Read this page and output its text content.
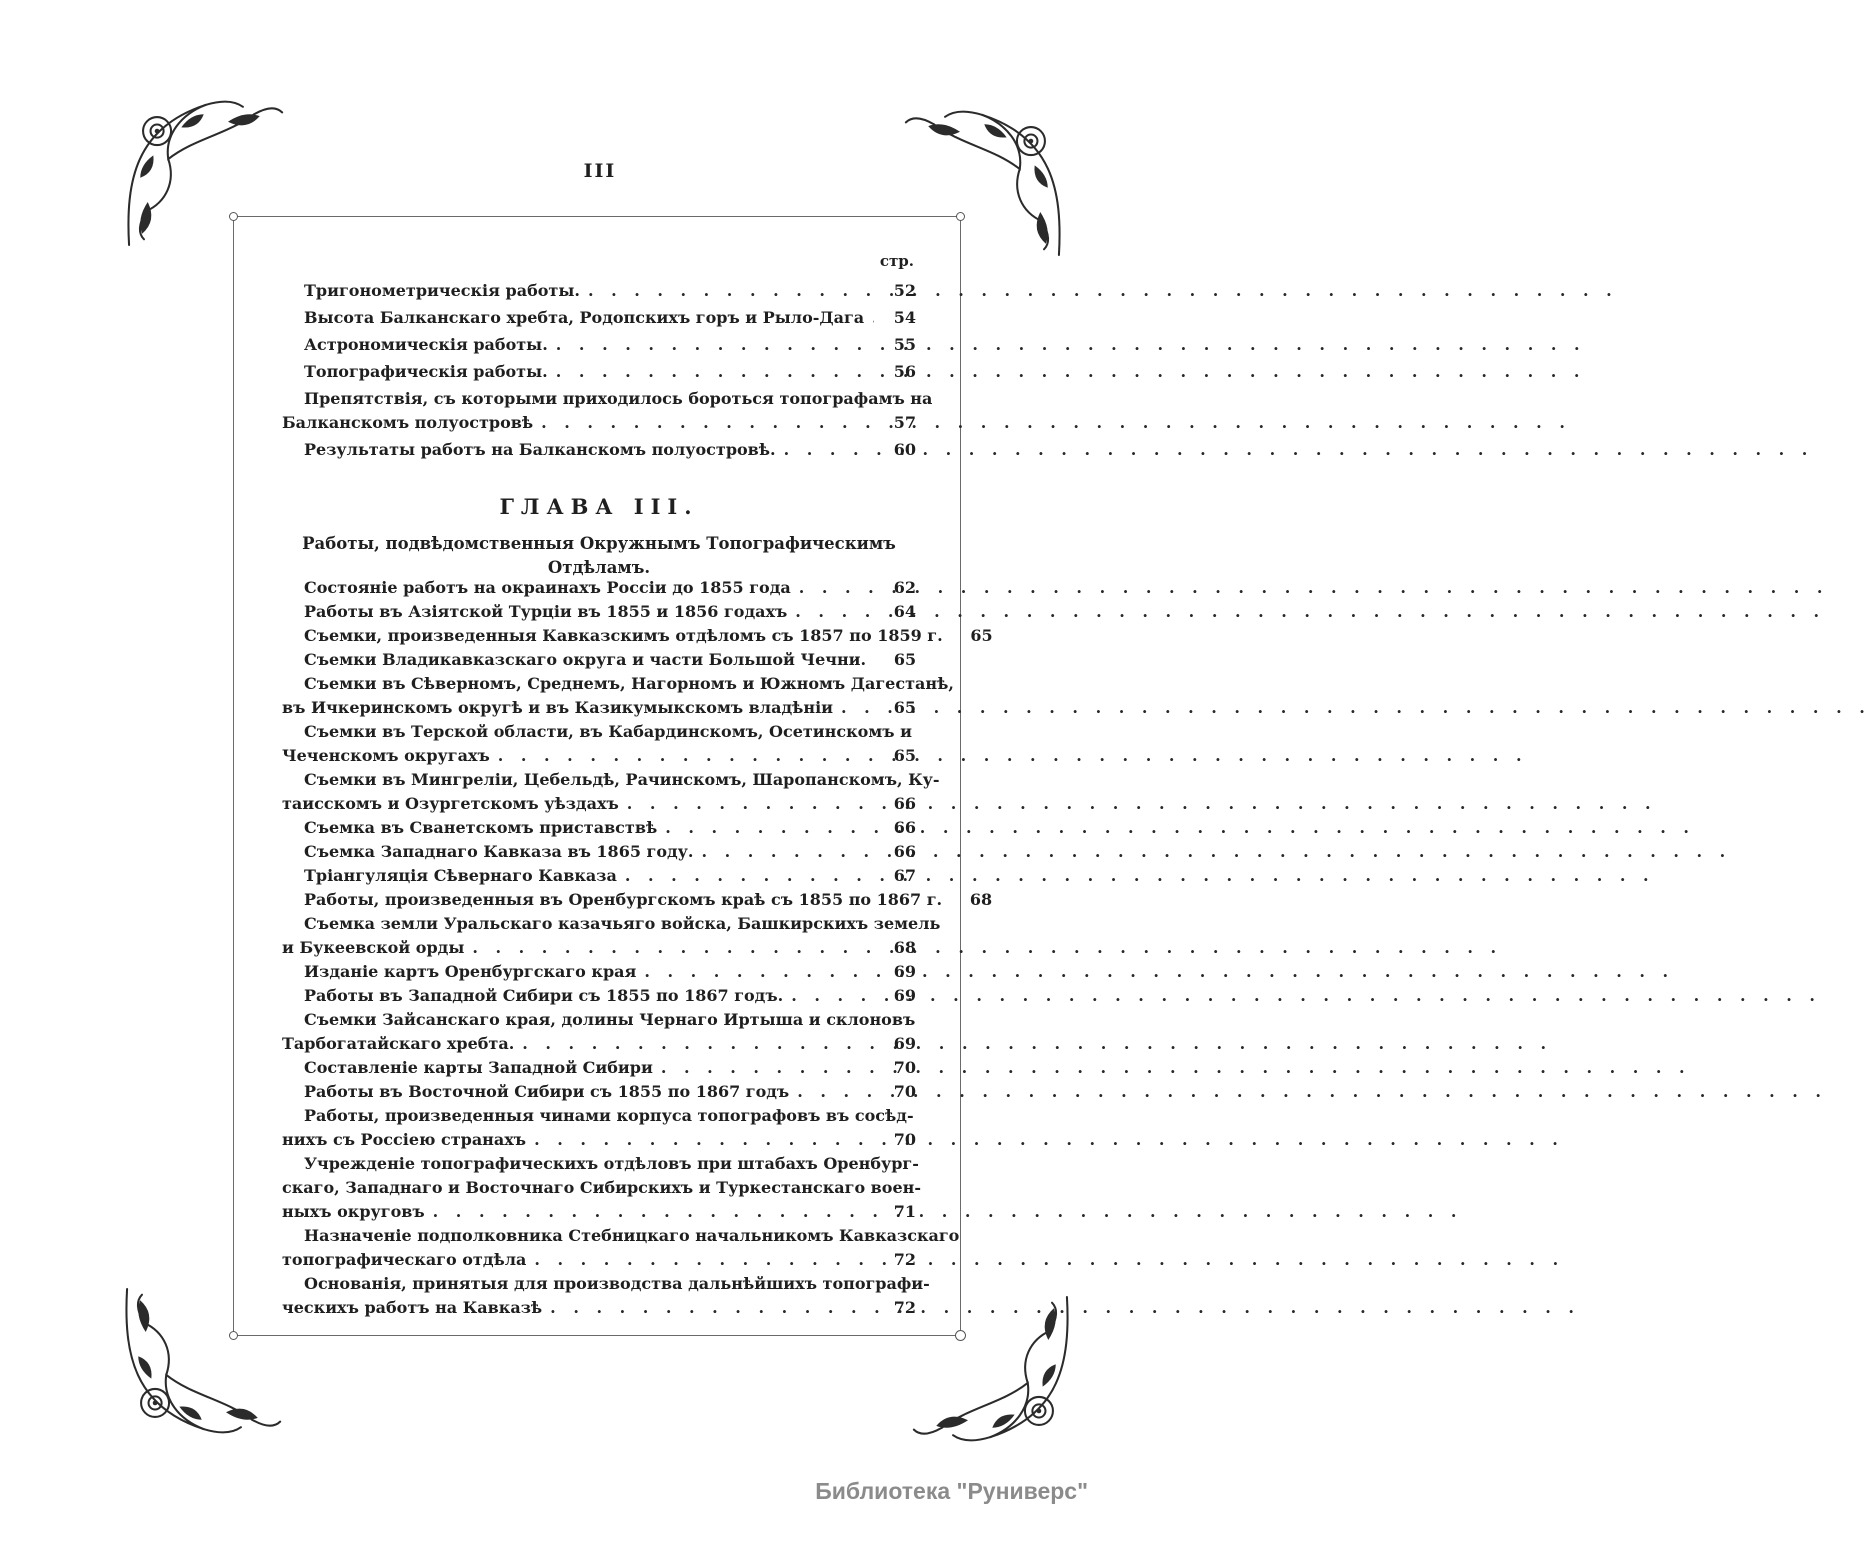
III
стр.
Тригонометрическія работы. . . .	52
Высота Балканскаго хребта, Родопскихъ горъ и Рыло-Дага . . .	54
Астрономическія работы. . . .	55
Топографическія работы. . . .	56
Препятствія, съ которыми приходилось бороться топографамъ на
Балканскомъ полуостровѣ . . .	57
Результаты работъ на Балканскомъ полуостровѣ. . . .	60
ГЛАВА III.
Работы, подвѣдомственныя Окружнымъ Топографическимъ Отдѣламъ.
Состояніе работъ на окраинахъ Россіи до 1855 года . . .	62
Работы въ Азіятской Турціи въ 1855 и 1856 годахъ . . .	64
Съемки, произведенныя Кавказскимъ отдѣломъ съ 1857 по 1859 г.	65
Съемки Владикавказскаго округа и части Большой Чечни.	65
Съемки въ Сѣверномъ, Среднемъ, Нагорномъ и Южномъ Дагестанѣ,
въ Ичкеринскомъ округѣ и въ Казикумыкскомъ владѣніи . . .	65
Съемки въ Терской области, въ Кабардинскомъ, Осетинскомъ и
Чеченскомъ округахъ . . .	65
Съемки въ Мингреліи, Цебельдѣ, Рачинскомъ, Шаропанскомъ, Ку-
таисскомъ и Озургетскомъ уѣздахъ . . .	66
Съемка въ Сванетскомъ приставствѣ . . .	66
Съемка Западнаго Кавказа въ 1865 году. . . .	66
Тріангуляція Сѣвернаго Кавказа . . .	67
Работы, произведенныя въ Оренбургскомъ краѣ съ 1855 по 1867 г.	68
Съемка земли Уральскаго казачьяго войска, Башкирскихъ земель
и Букеевской орды . . .	68
Изданіе картъ Оренбургскаго края . . .	69
Работы въ Западной Сибири съ 1855 по 1867 годъ. . . .	69
Съемки Зайсанскаго края, долины Чернаго Иртыша и склоновъ
Тарбогатайскаго хребта. . . .	69
Составленіе карты Западной Сибири . . .	70
Работы въ Восточной Сибири съ 1855 по 1867 годъ . . .	70
Работы, произведенныя чинами корпуса топографовъ въ сосѣд-
нихъ съ Россіею странахъ . . .	70
Учрежденіе топографическихъ отдѣловъ при штабахъ Оренбург-
скаго, Западнаго и Восточнаго Сибирскихъ и Туркестанскаго воен-
ныхъ округовъ . . .	71
Назначеніе подполковника Стебницкаго начальникомъ Кавказскаго
топографическаго отдѣла . . .	72
Основанія, принятыя для производства дальнѣйшихъ топографи-
ческихъ работъ на Кавказѣ . . .	72
Библиотека "Руниверс"
